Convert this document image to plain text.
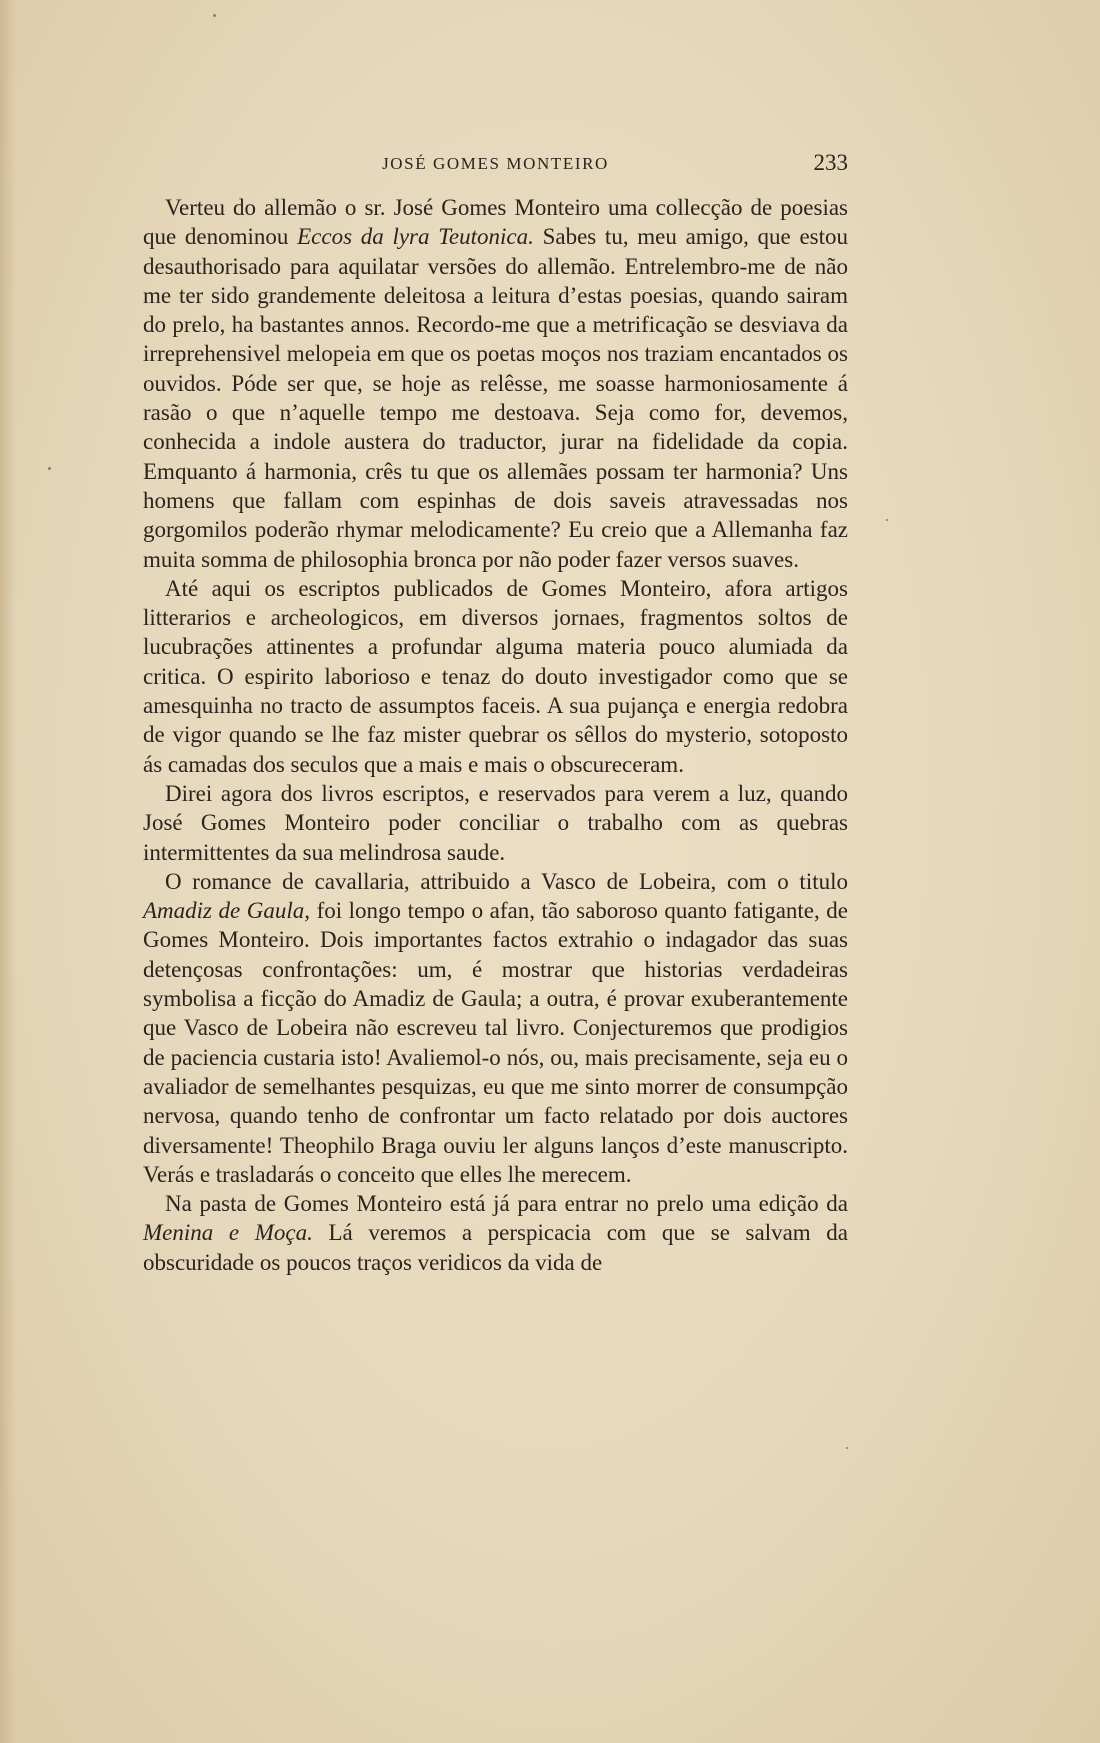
JOSÉ GOMES MONTEIRO	233

Verteu do allemão o sr. José Gomes Monteiro uma collecção de poesias que denominou Eccos da lyra Teutonica. Sabes tu, meu amigo, que estou desauthorisado para aquilatar versões do allemão. Entrelembro-me de não me ter sido grandemente deleitosa a leitura d’estas poesias, quando sairam do prelo, ha bastantes annos. Recordo-me que a metrificação se desviava da irreprehensivel melopeia em que os poetas moços nos traziam encantados os ouvidos. Póde ser que, se hoje as relêsse, me soasse harmoniosamente á rasão o que n’aquelle tempo me destoava. Seja como for, devemos, conhecida a indole austera do traductor, jurar na fidelidade da copia. Emquanto á harmonia, crês tu que os allemães possam ter harmonia? Uns homens que fallam com espinhas de dois saveis atravessadas nos gorgomilos poderão rhymar melodicamente? Eu creio que a Allemanha faz muita somma de philosophia bronca por não poder fazer versos suaves.

Até aqui os escriptos publicados de Gomes Monteiro, afora artigos litterarios e archeologicos, em diversos jornaes, fragmentos soltos de lucubrações attinentes a profundar alguma materia pouco alumiada da critica. O espirito laborioso e tenaz do douto investigador como que se amesquinha no tracto de assumptos faceis. A sua pujança e energia redobra de vigor quando se lhe faz mister quebrar os sêllos do mysterio, sotoposto ás camadas dos seculos que a mais e mais o obscureceram.

Direi agora dos livros escriptos, e reservados para verem a luz, quando José Gomes Monteiro poder conciliar o trabalho com as quebras intermittentes da sua melindrosa saude.

O romance de cavallaria, attribuido a Vasco de Lobeira, com o titulo Amadiz de Gaula, foi longo tempo o afan, tão saboroso quanto fatigante, de Gomes Monteiro. Dois importantes factos extrahio o indagador das suas detençosas confrontações: um, é mostrar que historias verdadeiras symbolisa a ficção do Amadiz de Gaula; a outra, é provar exuberantemente que Vasco de Lobeira não escreveu tal livro. Conjecturemos que prodigios de paciencia custaria isto! Avaliemol-o nós, ou, mais precisamente, seja eu o avaliador de semelhantes pesquizas, eu que me sinto morrer de consumpção nervosa, quando tenho de confrontar um facto relatado por dois auctores diversamente! Theophilo Braga ouviu ler alguns lanços d’este manuscripto. Verás e trasladarás o conceito que elles lhe merecem.

Na pasta de Gomes Monteiro está já para entrar no prelo uma edição da Menina e Moça. Lá veremos a perspicacia com que se salvam da obscuridade os poucos traços veridicos da vida de
